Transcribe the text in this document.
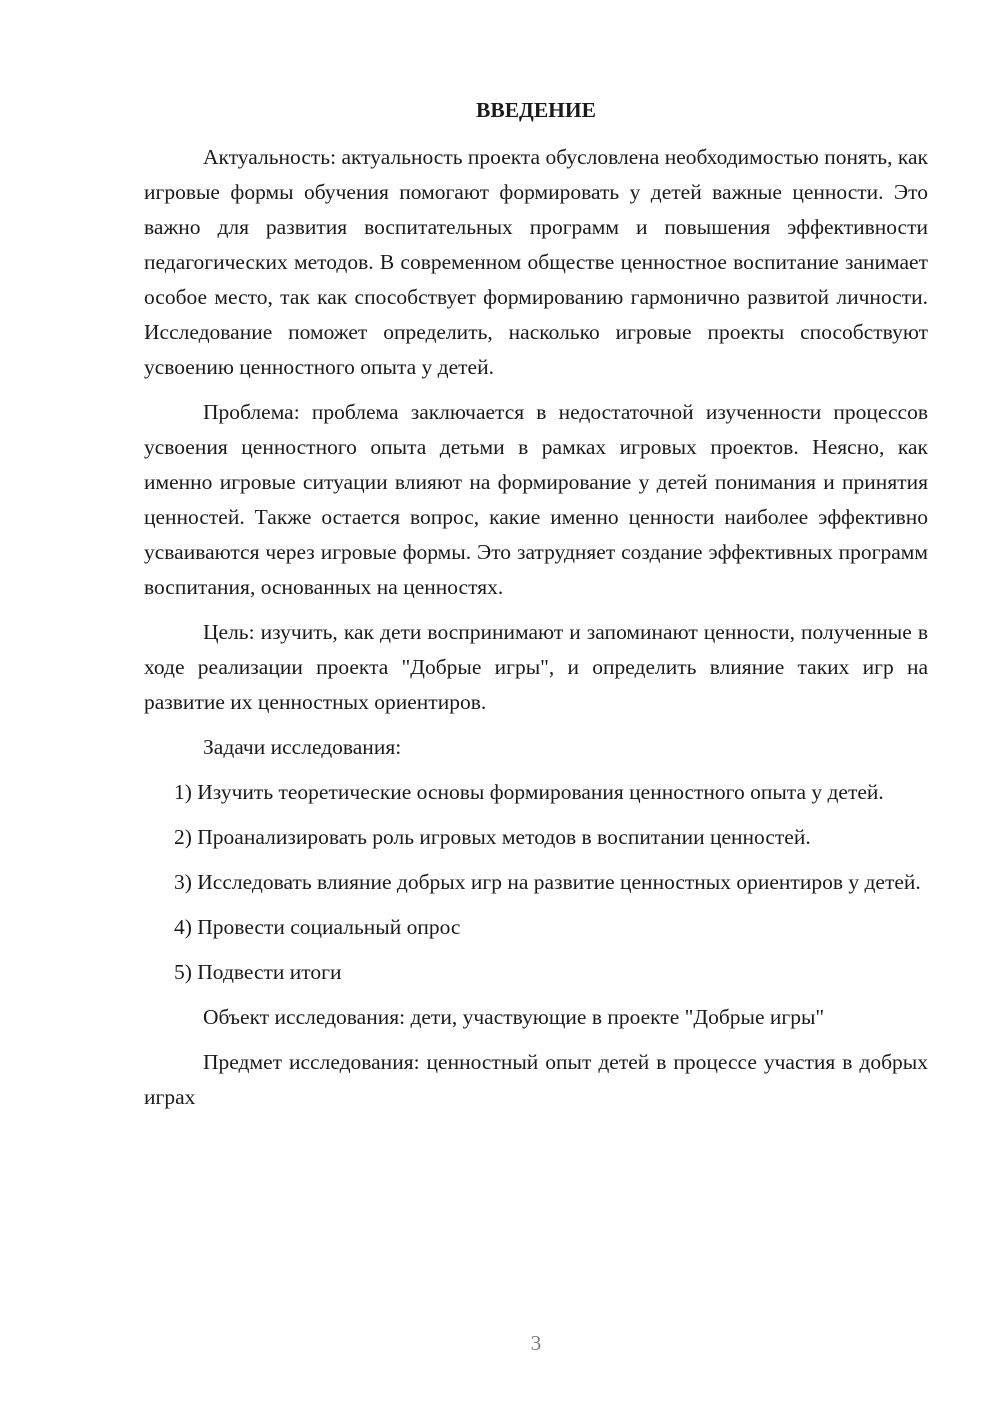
ВВЕДЕНИЕ

Актуальность: актуальность проекта обусловлена необходимостью понять, как игровые формы обучения помогают формировать у детей важные ценности. Это важно для развития воспитательных программ и повышения эффективности педагогических методов. В современном обществе ценностное воспитание занимает особое место, так как способствует формированию гармонично развитой личности. Исследование поможет определить, насколько игровые проекты способствуют усвоению ценностного опыта у детей.

Проблема: проблема заключается в недостаточной изученности процессов усвоения ценностного опыта детьми в рамках игровых проектов. Неясно, как именно игровые ситуации влияют на формирование у детей понимания и принятия ценностей. Также остается вопрос, какие именно ценности наиболее эффективно усваиваются через игровые формы. Это затрудняет создание эффективных программ воспитания, основанных на ценностях.

Цель: изучить, как дети воспринимают и запоминают ценности, полученные в ходе реализации проекта "Добрые игры", и определить влияние таких игр на развитие их ценностных ориентиров.

Задачи исследования:

1) Изучить теоретические основы формирования ценностного опыта у детей.

2) Проанализировать роль игровых методов в воспитании ценностей.

3) Исследовать влияние добрых игр на развитие ценностных ориентиров у детей.

4) Провести социальный опрос

5) Подвести итоги

Объект исследования: дети, участвующие в проекте "Добрые игры"

Предмет исследования: ценностный опыт детей в процессе участия в добрых играх

3
